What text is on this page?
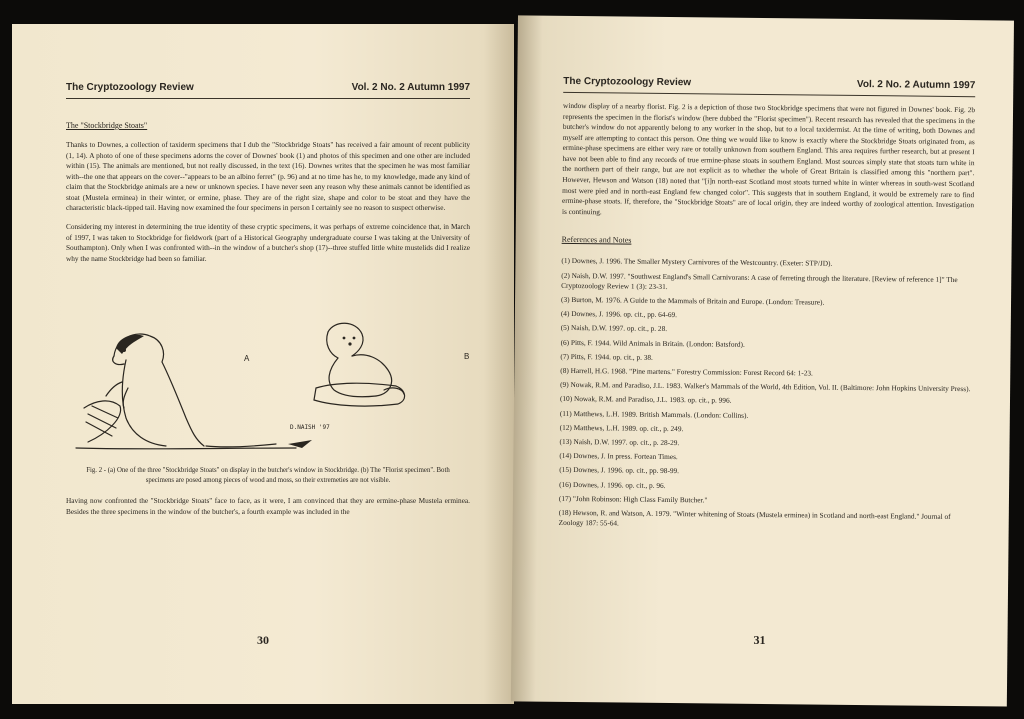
The Cryptozoology Review	Vol. 2 No. 2 Autumn 1997
The "Stockbridge Stoats"

Thanks to Downes, a collection of taxiderm specimens that I dub the "Stockbridge Stoats" has received a fair amount of recent publicity (1, 14). A photo of one of these specimens adorns the cover of Downes' book (1) and photos of this specimen and one other are included within (15). The animals are mentioned, but not really discussed, in the text (16). Downes writes that the specimen he was most familiar with--the one that appears on the cover--"appears to be an albino ferret" (p. 96) and at no time has he, to my knowledge, made any kind of claim that the Stockbridge animals are a new or unknown species. I have never seen any reason why these animals cannot be identified as stoat (Mustela erminea) in their winter, or ermine, phase. They are of the right size, shape and color to be stoat and they have the characteristic black-tipped tail. Having now examined the four specimens in person I certainly see no reason to suspect otherwise.

Considering my interest in determining the true identity of these cryptic specimens, it was perhaps of extreme coincidence that, in March of 1997, I was taken to Stockbridge for fieldwork (part of a Historical Geography undergraduate course I was taking at the University of Southampton). Only when I was confronted with--in the window of a butcher's shop (17)--three stuffed little white mustelids did I realize why the name Stockbridge had been so familiar.

A	B
D.NAISH '97
Fig. 2 - (a) One of the three "Stockbridge Stoats" on display in the butcher's window in Stockbridge. (b) The "Florist specimen". Both specimens are posed among pieces of wood and moss, so their extremeties are not visible.

Having now confronted the "Stockbridge Stoats" face to face, as it were, I am convinced that they are ermine-phase Mustela erminea. Besides the three specimens in the window of the butcher's, a fourth example was included in the

30
The Cryptozoology Review	Vol. 2 No. 2 Autumn 1997

window display of a nearby florist. Fig. 2 is a depiction of those two Stockbridge specimens that were not figured in Downes' book. Fig. 2b represents the specimen in the florist's window (here dubbed the "Florist specimen"). Recent research has revealed that the specimens in the butcher's window do not apparently belong to any worker in the shop, but to a local taxidermist. At the time of writing, both Downes and myself are attempting to contact this person. One thing we would like to know is exactly where the Stockbridge Stoats originated from, as ermine-phase specimens are either very rare or totally unknown from southern England. This area requires further research, but at present I have not been able to find any records of true ermine-phase stoats in southern England. Most sources simply state that stoats turn white in the northern part of their range, but are not explicit as to whether the whole of Great Britain is classified among this "northern part". However, Hewson and Watson (18) noted that "[i]n north-east Scotland most stoats turned white in winter whereas in south-west Scotland most were pied and in north-east England few changed color". This suggests that in southern England, it would be extremely rare to find ermine-phase stoats. If, therefore, the "Stockbridge Stoats" are of local origin, they are indeed worthy of zoological attention. Investigation is continuing.

References and Notes
(1) Downes, J. 1996. The Smaller Mystery Carnivores of the Westcountry. (Exeter: STP/JD).
(2) Naish, D.W. 1997. "Southwest England's Small Carnivorans: A case of ferreting through the literature. [Review of reference 1]" The Cryptozoology Review 1 (3): 23-31.
(3) Burton, M. 1976. A Guide to the Mammals of Britain and Europe. (London: Treasure).
(4) Downes, J. 1996. op. cit., pp. 64-69.
(5) Naish, D.W. 1997. op. cit., p. 28.
(6) Pitts, F. 1944. Wild Animals in Britain. (London: Batsford).
(7) Pitts, F. 1944. op. cit., p. 38.
(8) Harrell, H.G. 1968. "Pine martens." Forestry Commission: Forest Record 64: 1-23.
(9) Nowak, R.M. and Paradiso, J.L. 1983. Walker's Mammals of the World, 4th Edition, Vol. II. (Baltimore: John Hopkins University Press).
(10) Nowak, R.M. and Paradiso, J.L. 1983. op. cit., p. 996.
(11) Matthews, L.H. 1989. British Mammals. (London: Collins).
(12) Matthews, L.H. 1989. op. cit., p. 249.
(13) Naish, D.W. 1997. op. cit., p. 28-29.
(14) Downes, J. In press. Fortean Times.
(15) Downes, J. 1996. op. cit., pp. 98-99.
(16) Downes, J. 1996. op. cit., p. 96.
(17) "John Robinson: High Class Family Butcher."
(18) Hewson, R. and Watson, A. 1979. "Winter whitening of Stoats (Mustela erminea) in Scotland and north-east England." Journal of Zoology 187: 55-64.
31
